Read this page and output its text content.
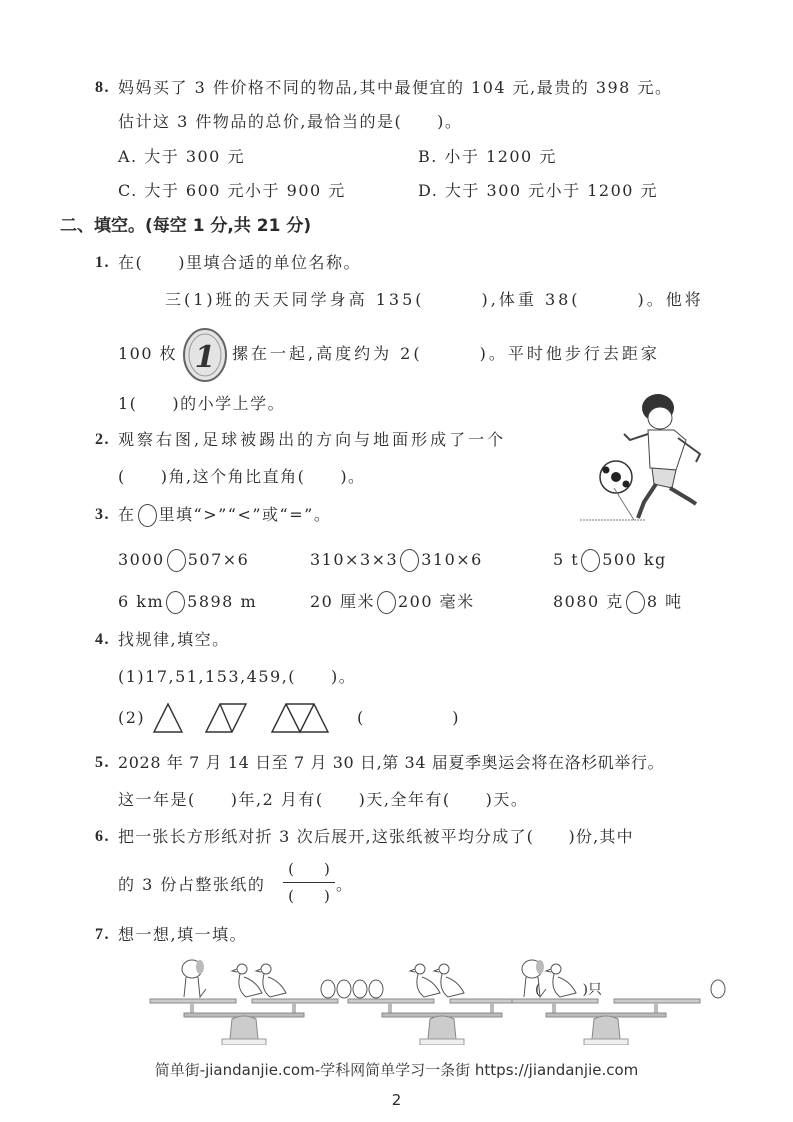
8. 妈妈买了 3 件价格不同的物品,其中最便宜的 104 元,最贵的 398 元。
估计这 3 件物品的总价,最恰当的是(　　)。
A. 大于 300 元	B. 小于 1200 元
C. 大于 600 元小于 900 元	D. 大于 300 元小于 1200 元
二、填空。(每空 1 分,共 21 分)
1. 在(　　)里填合适的单位名称。
三(1)班的天天同学身高 135(　　　),体重 38(　　　)。他将
100 枚 1 摞在一起,高度约为 2(　　　)。平时他步行去距家
1(　　)的小学上学。
2. 观察右图,足球被踢出的方向与地面形成了一个
(　　)角,这个角比直角(　　)。
3. 在 里填“>”“<”或“=”。
3000 507×6	310×3×3 310×6	5 t 500 kg
6 km 5898 m	20 厘米 200 毫米	8080 克 8 吨
4. 找规律,填空。
(1)17,51,153,459,(　　)。
(2)	(　　　　　)
5. 2028 年 7 月 14 日至 7 月 30 日,第 34 届夏季奥运会将在洛杉矶举行。
这一年是(　　)年,2 月有(　　)天,全年有(　　)天。
6. 把一张长方形纸对折 3 次后展开,这张纸被平均分成了(　　)份,其中
的 3 份占整张纸的
(　　)
(　　)
。
7. 想一想,填一填。
(　　　)只
简单街-jiandanjie.com-学科网简单学习一条街 https://jiandanjie.com
2
